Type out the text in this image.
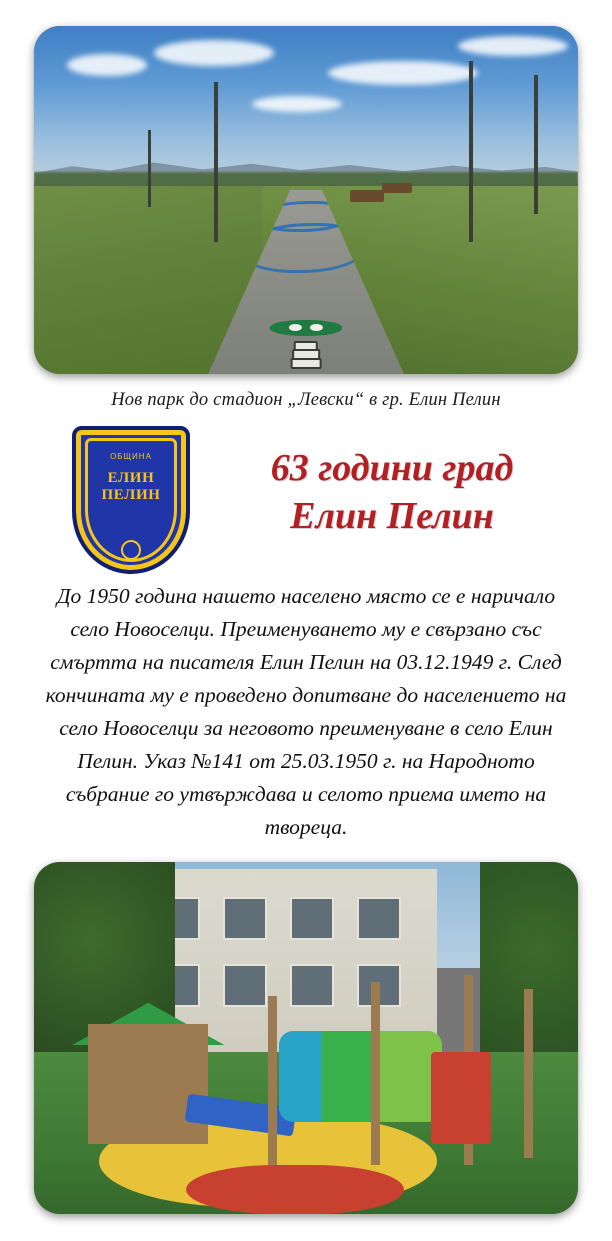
Нов парк до стадион „Левски“ в гр. Елин Пелин
ОБЩИНА
ЕЛИН
ПЕЛИН
63 години град
Елин Пелин
До 1950 година нашето населено място се е наричало село Новоселци. Преименуването му е свързано със смъртта на писателя Елин Пелин на 03.12.1949 г. След кончината му е проведено допитване до населението на село Новоселци за неговото преименуване в село Елин Пелин. Указ №141 от 25.03.1950 г. на Народното събрание го утвърждава и селото приема името на твореца.
